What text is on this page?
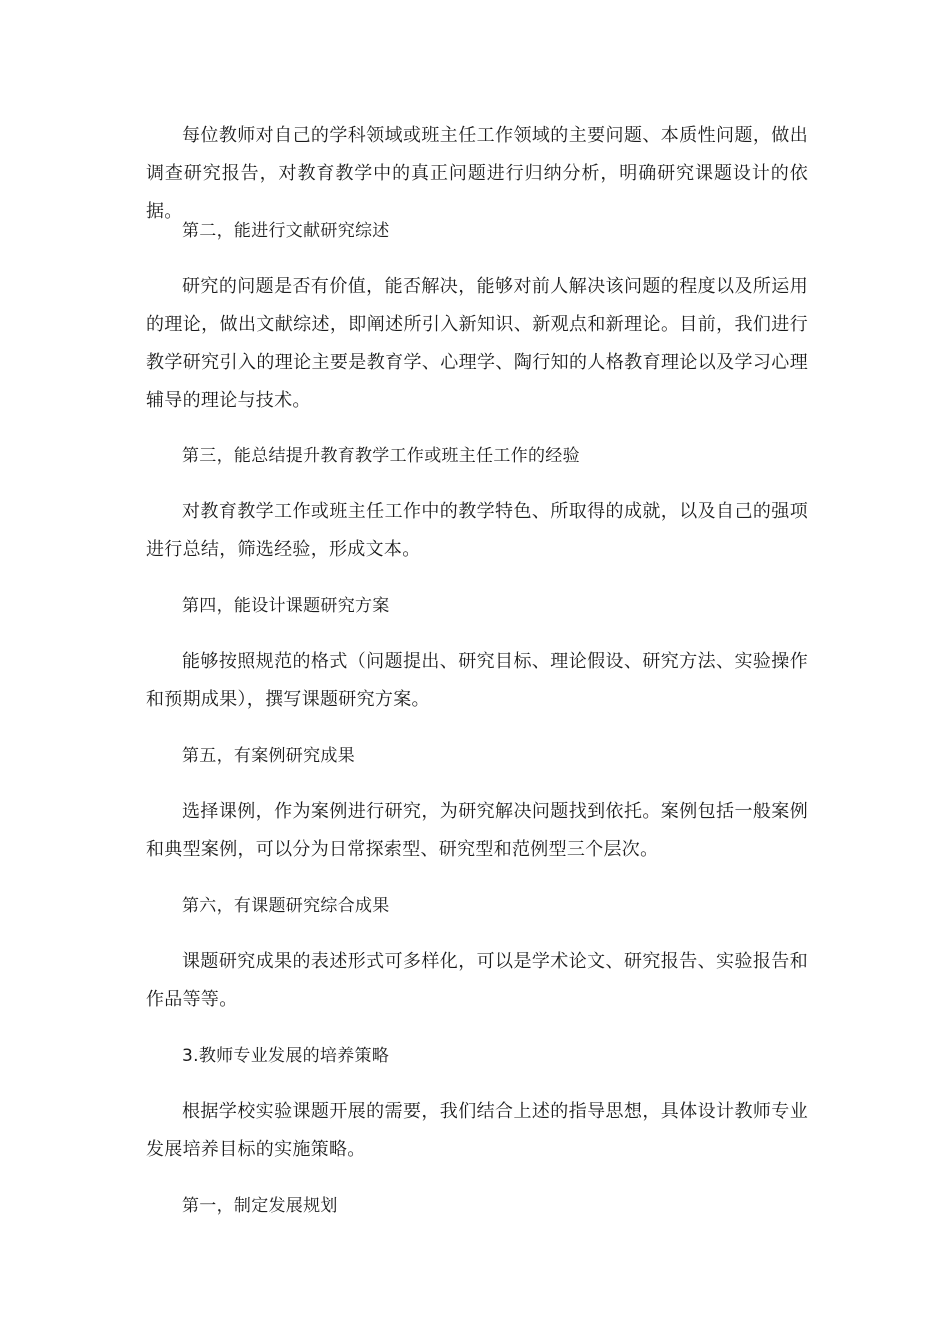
每位教师对自己的学科领域或班主任工作领域的主要问题、本质性问题，做出调查研究报告，对教育教学中的真正问题进行归纳分析，明确研究课题设计的依据。

第二，能进行文献研究综述

研究的问题是否有价值，能否解决，能够对前人解决该问题的程度以及所运用的理论，做出文献综述，即阐述所引入新知识、新观点和新理论。目前，我们进行教学研究引入的理论主要是教育学、心理学、陶行知的人格教育理论以及学习心理辅导的理论与技术。

第三，能总结提升教育教学工作或班主任工作的经验

对教育教学工作或班主任工作中的教学特色、所取得的成就，以及自己的强项进行总结，筛选经验，形成文本。

第四，能设计课题研究方案

能够按照规范的格式（问题提出、研究目标、理论假设、研究方法、实验操作和预期成果），撰写课题研究方案。

第五，有案例研究成果

选择课例，作为案例进行研究，为研究解决问题找到依托。案例包括一般案例和典型案例，可以分为日常探索型、研究型和范例型三个层次。

第六，有课题研究综合成果

课题研究成果的表述形式可多样化，可以是学术论文、研究报告、实验报告和作品等等。

3.教师专业发展的培养策略

根据学校实验课题开展的需要，我们结合上述的指导思想，具体设计教师专业发展培养目标的实施策略。

第一，制定发展规划
